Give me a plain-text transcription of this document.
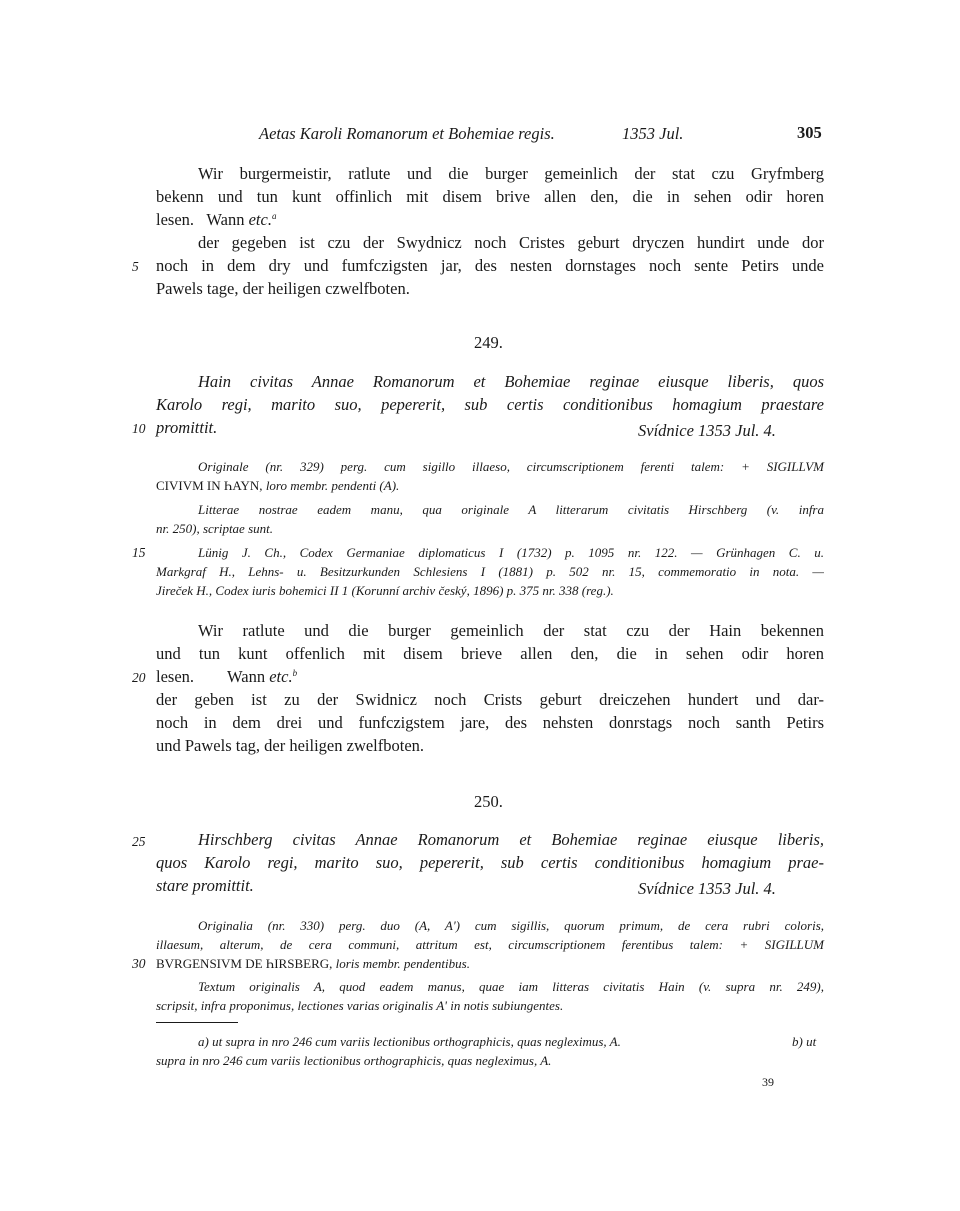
Aetas Karoli Romanorum et Bohemiae regis.	1353 Jul.	305
Wir burgermeistir, ratlute und die burger gemeinlich der stat czu Gryfmberg
bekenn und tun kunt offinlich mit disem brive allen den, die in sehen odir horen
lesen. Wann etc.$^a$
der gegeben ist czu der Swydnicz noch Cristes geburt dryczen hundirt unde dor
5 noch in dem dry und fumfczigsten jar, des nesten dornstages noch sente Petirs unde
Pawels tage, der heiligen czwelfboten.
249.
Hain civitas Annae Romanorum et Bohemiae reginae eiusque liberis, quos
Karolo regi, marito suo, pepererit, sub certis conditionibus homagium praestare
10 promittit.	Svídnice 1353 Jul. 4.
Originale (nr. 329) perg. cum sigillo illaeso, circumscriptionem ferenti talem: + SIGILLVM
CIVIVM IN ҺAYN, loro membr. pendenti (A).
Litterae nostrae eadem manu, qua originale A litterarum civitatis Hirschberg (v. infra
nr. 250), scriptae sunt.
15	Lünig J. Ch., Codex Germaniae diplomaticus I (1732) p. 1095 nr. 122. — Grünhagen C. u.
Markgraf H., Lehns- u. Besitzurkunden Schlesiens I (1881) p. 502 nr. 15, commemoratio in nota. —
Jireček H., Codex iuris bohemici II 1 (Korunní archiv český, 1896) p. 375 nr. 338 (reg.).
Wir ratlute und die burger gemeinlich der stat czu der Hain bekennen
und tun kunt offenlich mit disem brieve allen den, die in sehen odir horen
20 lesen. Wann etc.$^b$
der geben ist zu der Swidnicz noch Crists geburt dreiczehen hundert und dar-
noch in dem drei und funfczigstem jare, des nehsten donrstags noch santh Petirs
und Pawels tag, der heiligen zwelfboten.
250.
25	Hirschberg civitas Annae Romanorum et Bohemiae reginae eiusque liberis,
quos Karolo regi, marito suo, pepererit, sub certis conditionibus homagium prae-
stare promittit.	Svídnice 1353 Jul. 4.
Originalia (nr. 330) perg. duo (A, A') cum sigillis, quorum primum, de cera rubri coloris,
illaesum, alterum, de cera communi, attritum est, circumscriptionem ferentibus talem: + SIGILLUM
30 BVRGENSIVM DE ҺIRSBERG, loris membr. pendentibus.
Textum originalis A, quod eadem manus, quae iam litteras civitatis Hain (v. supra nr. 249),
scripsit, infra proponimus, lectiones varias originalis A' in notis subiungentes.
a) ut supra in nro 246 cum variis lectionibus orthographicis, quas neglеximus, A.	b) ut
supra in nro 246 cum variis lectionibus orthographicis, quas neglеximus, A.
39
